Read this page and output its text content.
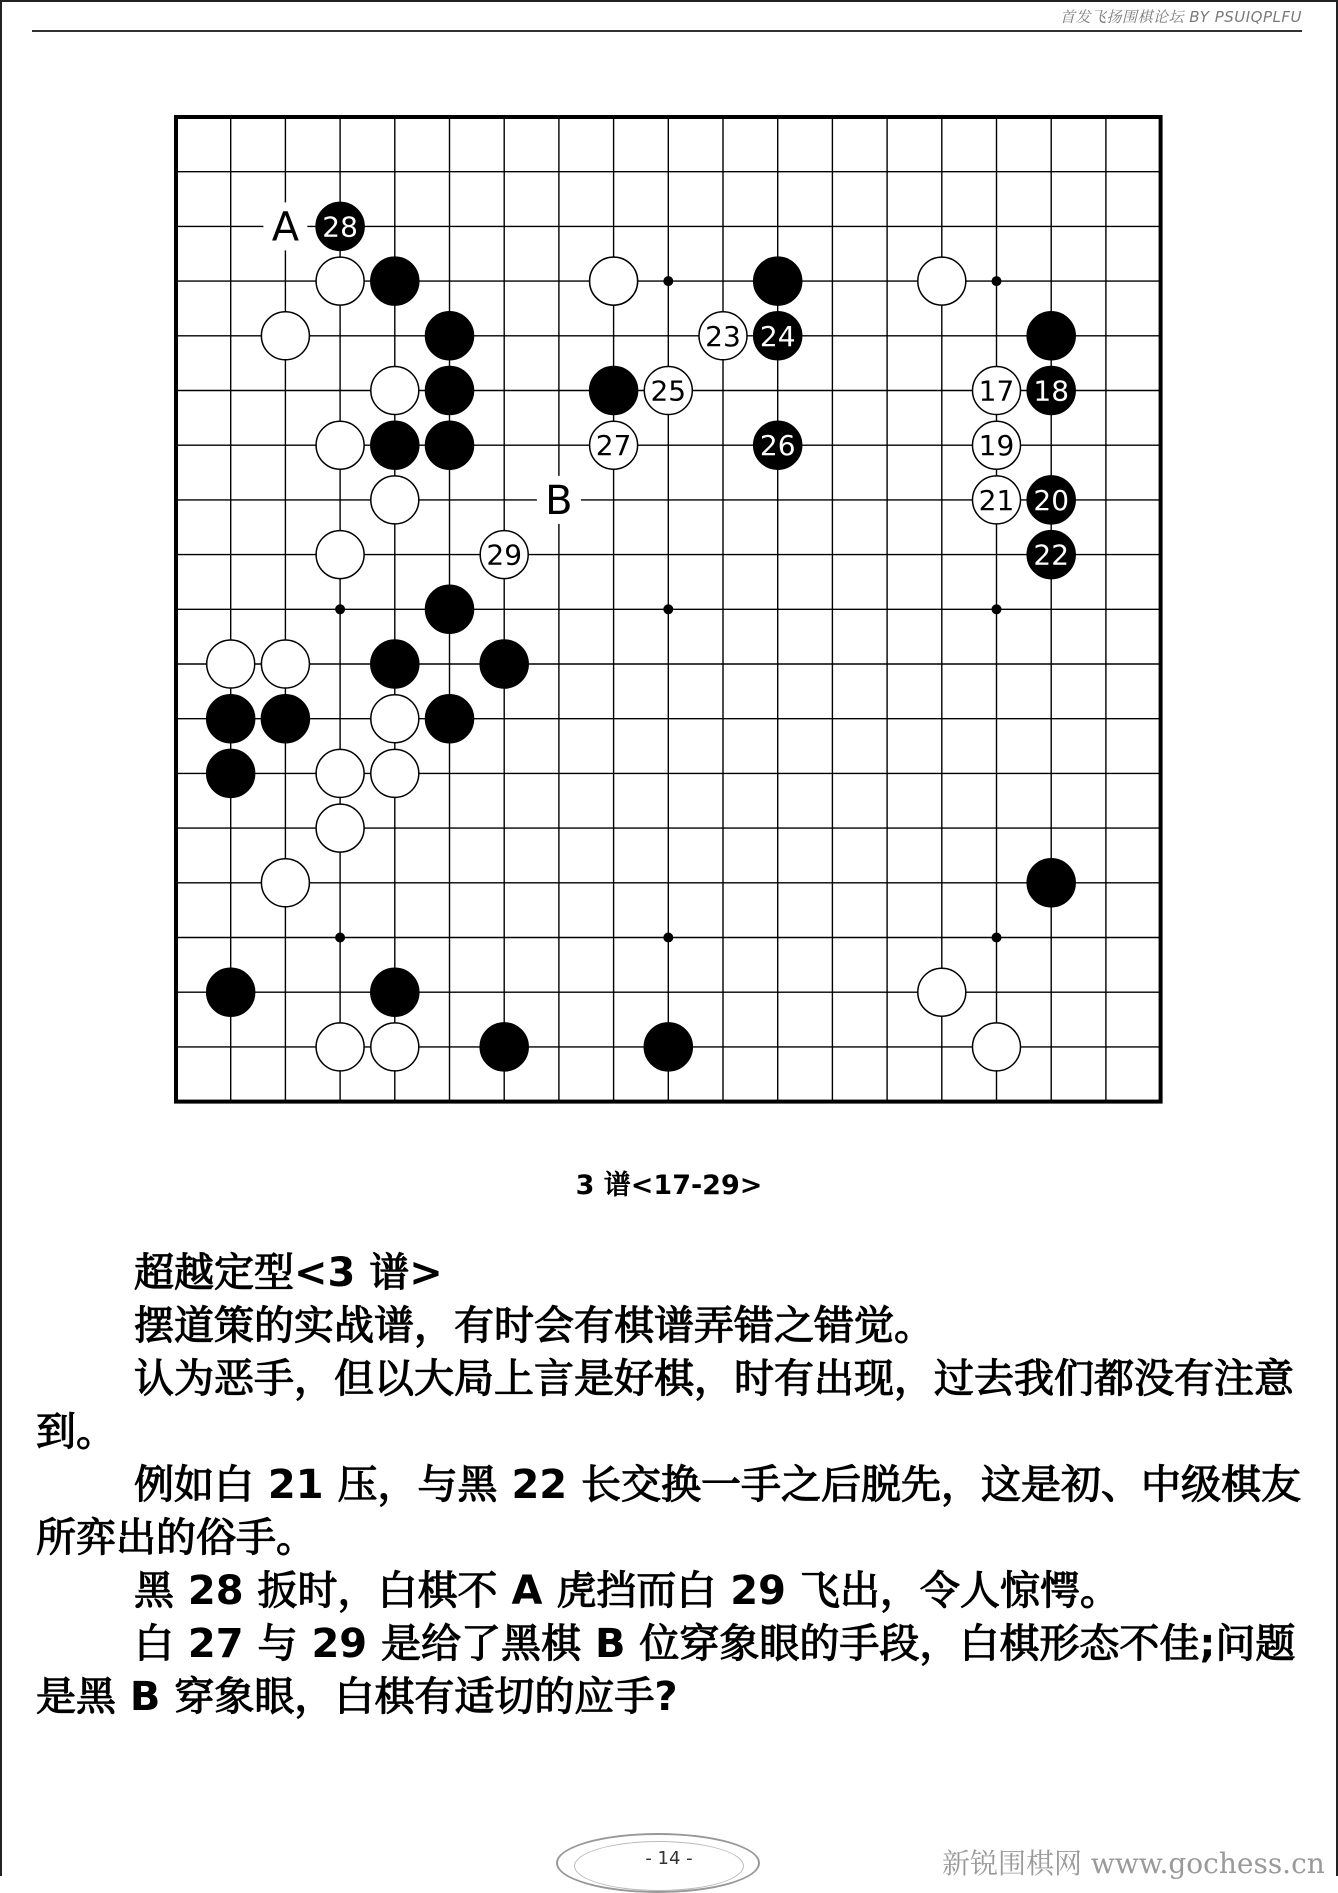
首发飞扬围棋论坛 BY PSUIQPLFU
A
B
17 18
19
20
21
22
23 24
25
26
27
28
29
3 谱<17-29>

超越定型<3 谱>

摆道策的实战谱，有时会有棋谱弄错之错觉。

认为恶手，但以大局上言是好棋，时有出现，过去我们都没有注意到。

例如白 21 压，与黑 22 长交换一手之后脱先，这是初、中级棋友所弈出的俗手。

黑 28 扳时，白棋不 A 虎挡而白 29 飞出，令人惊愕。

白 27 与 29 是给了黑棋 B 位穿象眼的手段，白棋形态不佳;问题是黑 B 穿象眼，白棋有适切的应手?

- 14 -	新锐围棋网 www.gochess.cn
